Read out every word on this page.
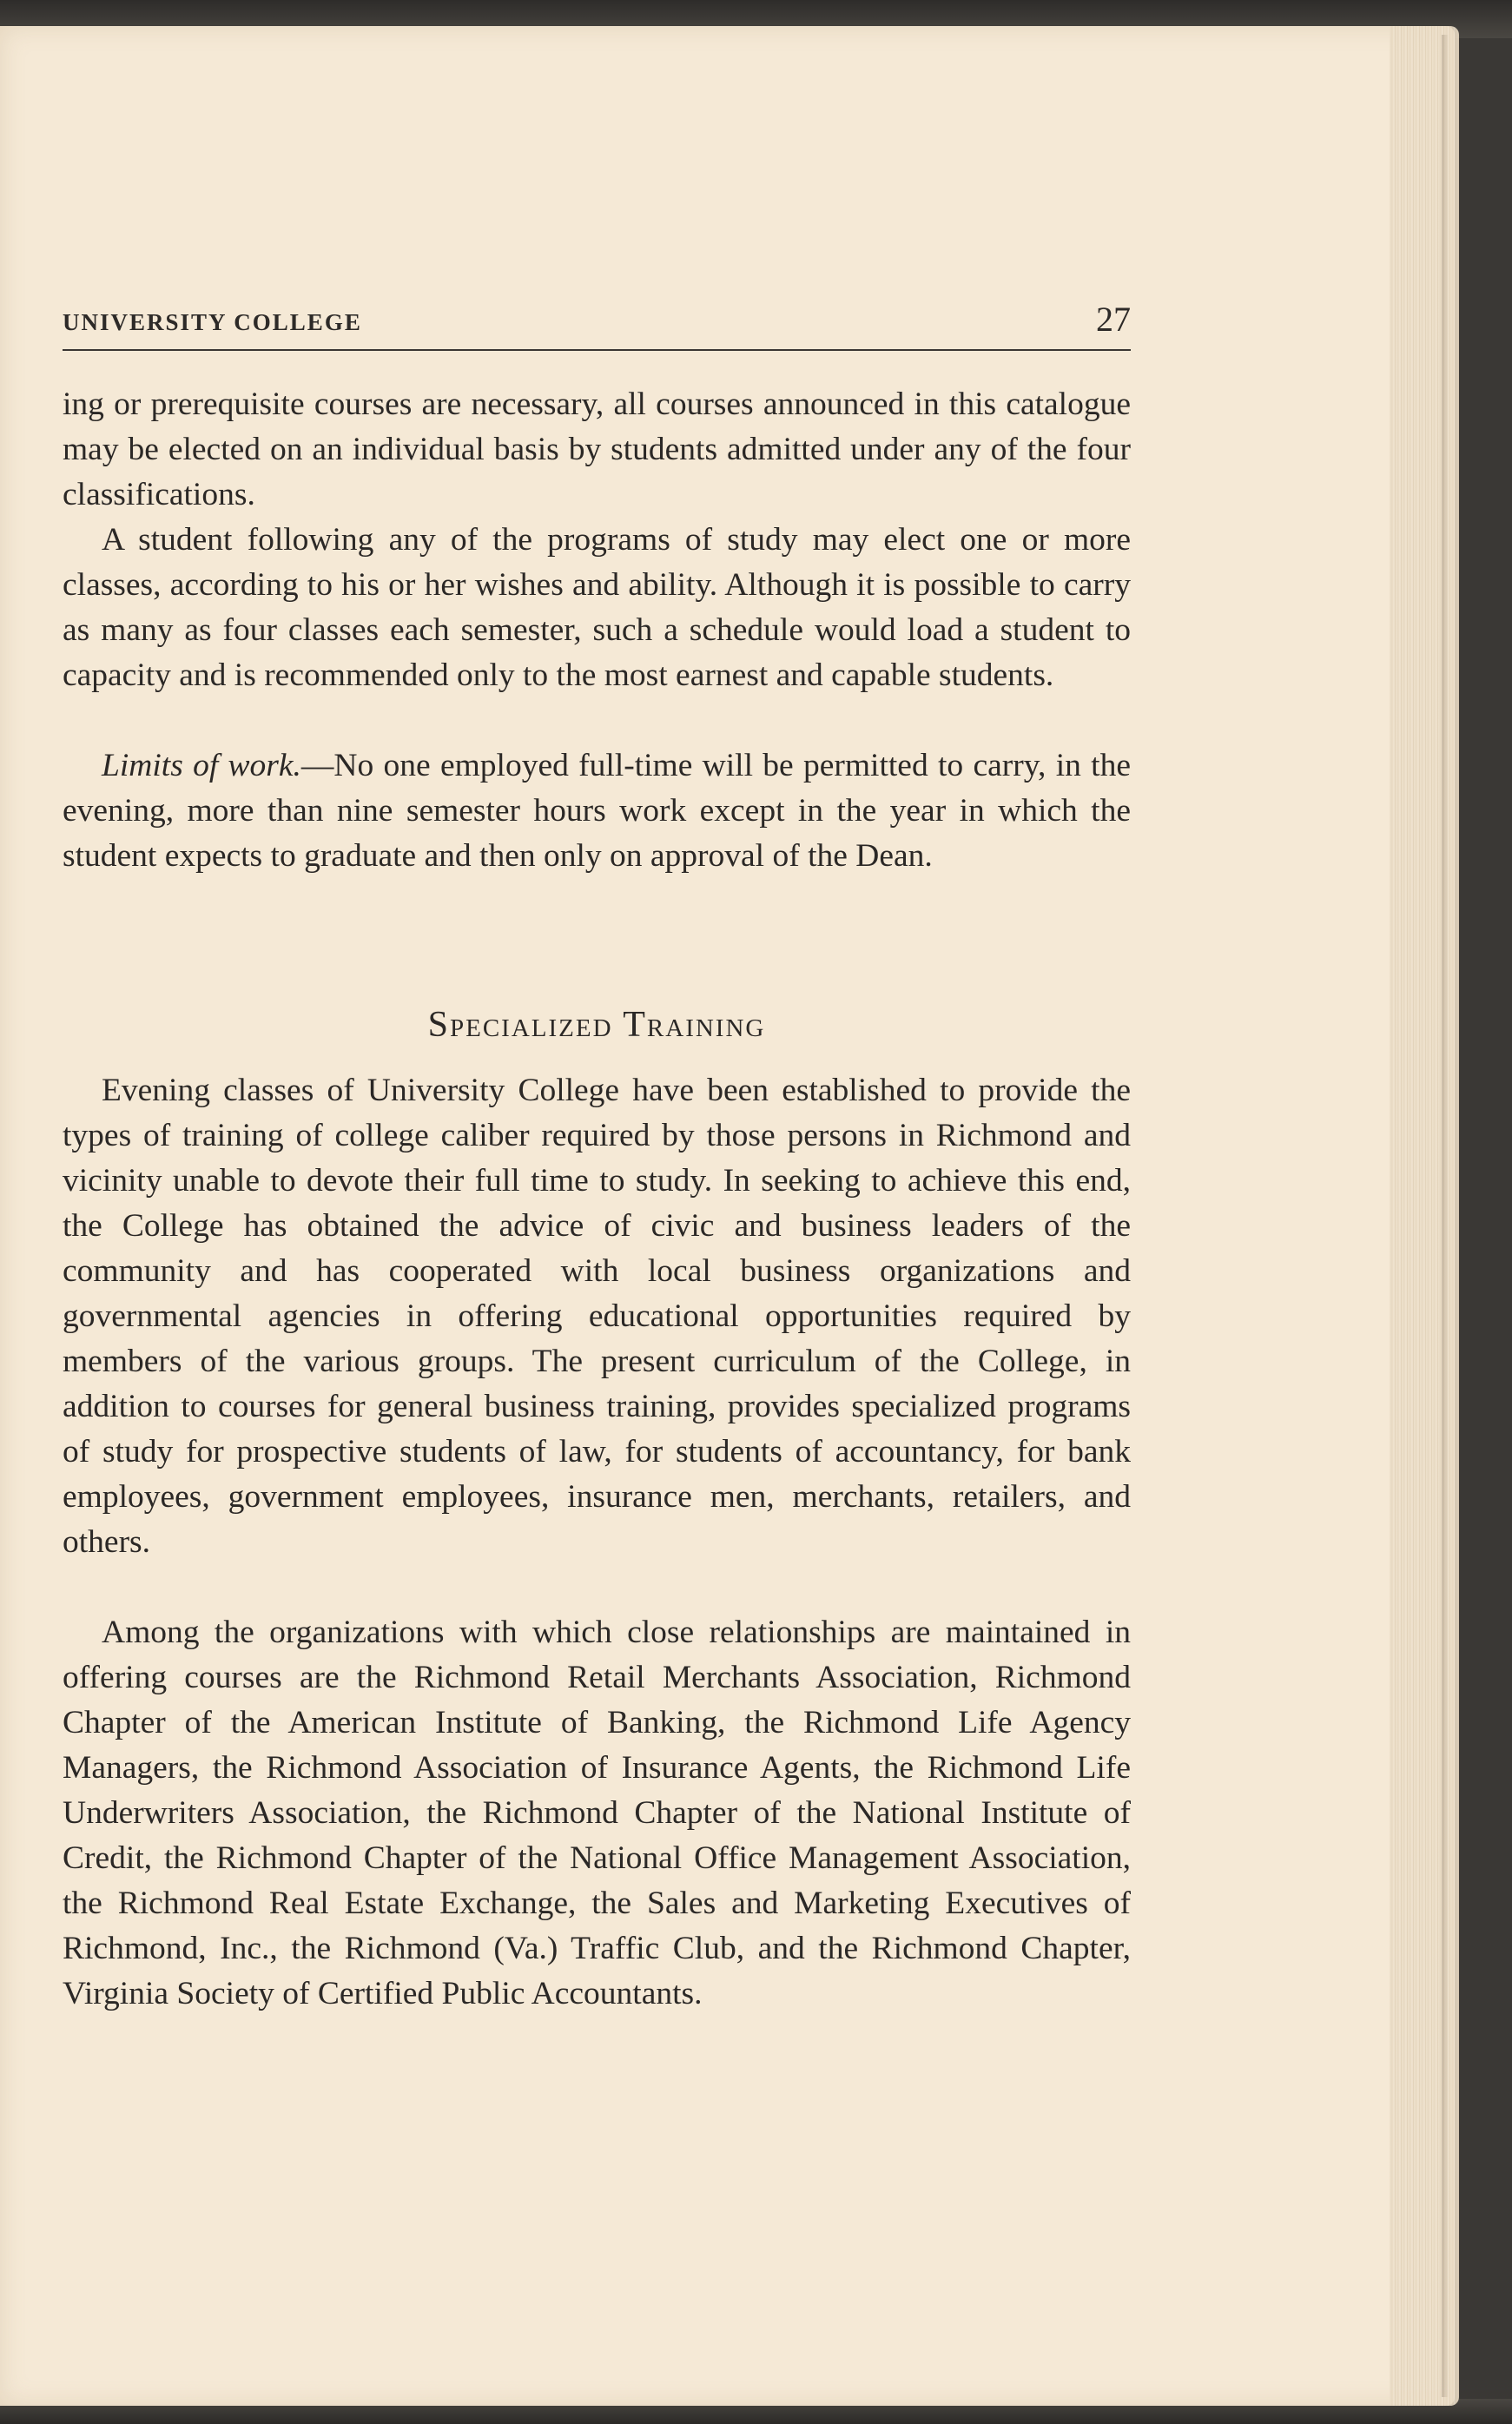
UNIVERSITY COLLEGE	27

ing or prerequisite courses are necessary, all courses announced in this catalogue may be elected on an individual basis by students admitted under any of the four classifications.

A student following any of the programs of study may elect one or more classes, according to his or her wishes and ability. Although it is possible to carry as many as four classes each semester, such a schedule would load a student to capacity and is recommended only to the most earnest and capable students.

Limits of work.—No one employed full-time will be permitted to carry, in the evening, more than nine semester hours work except in the year in which the student expects to graduate and then only on approval of the Dean.

Specialized Training

Evening classes of University College have been established to provide the types of training of college caliber required by those persons in Richmond and vicinity unable to devote their full time to study. In seeking to achieve this end, the College has obtained the advice of civic and business leaders of the community and has cooperated with local business organizations and governmental agencies in offering educational opportunities required by members of the various groups. The present curriculum of the College, in addition to courses for general business training, provides specialized programs of study for prospective students of law, for students of accountancy, for bank employees, government employees, insurance men, merchants, retailers, and others.

Among the organizations with which close relationships are maintained in offering courses are the Richmond Retail Merchants Association, Richmond Chapter of the American Institute of Banking, the Richmond Life Agency Managers, the Richmond Association of Insurance Agents, the Richmond Life Underwriters Association, the Richmond Chapter of the National Institute of Credit, the Richmond Chapter of the National Office Management Association, the Richmond Real Estate Exchange, the Sales and Marketing Executives of Richmond, Inc., the Richmond (Va.) Traffic Club, and the Richmond Chapter, Virginia Society of Certified Public Accountants.
